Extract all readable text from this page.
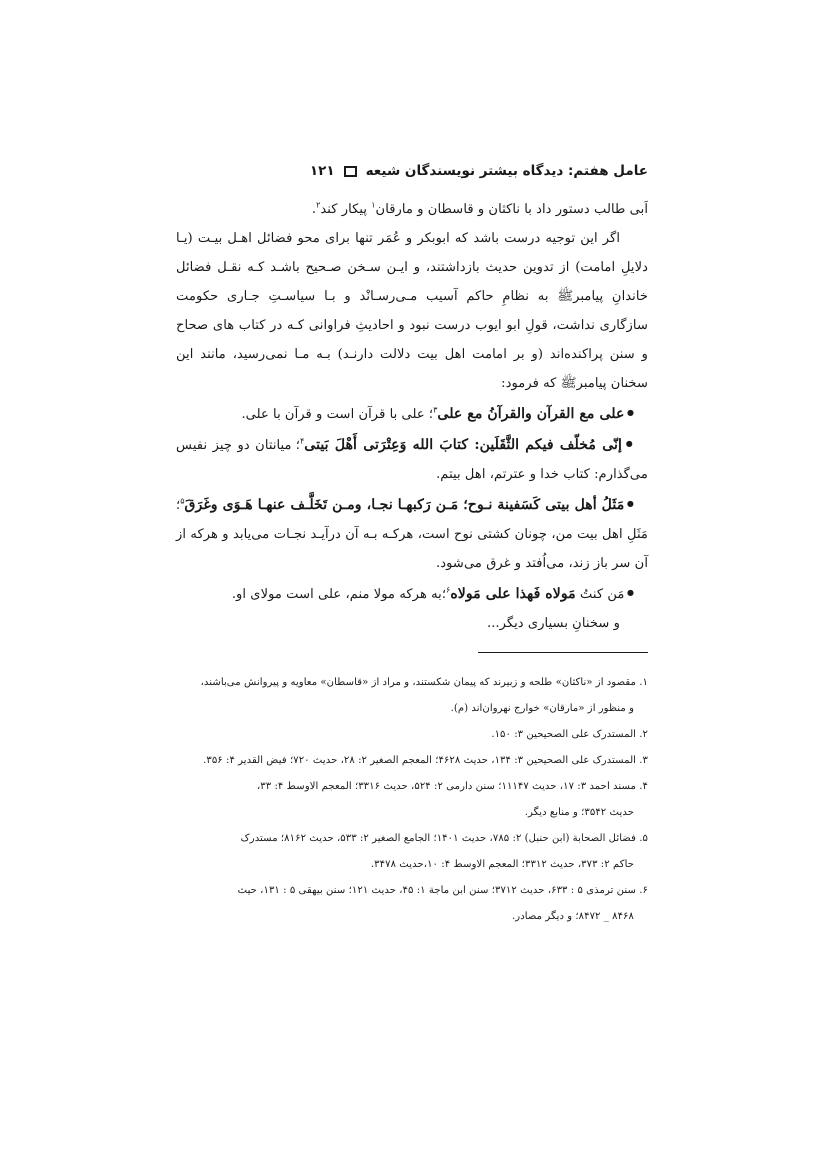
عامل هفتم: دیدگاه بیشتر نویسندگان شیعه
۱۲۱

اَبی طالب دستور داد با ناکثان و قاسطان و مارقان$^۱$ پیکار کند$^۲$.

اگر این توجیه درست باشد که ابوبکر و عُمَر تنها برای محو فضائل اهـل بیـت (یـا دلایلِ امامت) از تدوین حدیث بازداشتند، و ایـن سـخن صـحیح باشـد کـه نقـل فضائل خاندانِ پیامبرﷺ به نظامِ حاکم آسیب مـی‌رسـانْد و بـا سیاسـتِ جـاری حکومت سازگاری نداشت، قولِ ابو ایوب درست نبود و احادیثِ فراوانی کـه در کتاب های صحاح و سنن پراکنده‌اند (و بر امامت اهل بیت دلالت دارنـد) بـه مـا نمی‌رسید، مانند این سخنان پیامبرﷺ که فرمود:

● علی مع القرآن والقرآنُ مع علی$^۳$؛ علی با قرآن است و قرآن با علی.

● إنّی مُخلّف فیکم الثَّقَلَین: کتابَ الله وَعِتْرَتی أَهْلَ بَیتی$^۴$؛ میانتان دو چیز نفیس می‌گذارم: کتاب خدا و عترتم، اهل بیتم.

● مَثَلُ أهل بیتی کَسَفینة نـوح؛ مَـن رَکبهـا نجـا، ومـن تَخَلَّـف عنهـا هَـوَی وغَرَقَ$^۵$؛ مَثَلِ اهل بیت من، چونان کشتی نوح است، هرکـه بـه آن درآیـد نجـات می‌یابد و هرکه از آن سر باز زند، می‌اُفتد و غرق می‌شود.

● مَن کنتُ مَولاه فَهذا علی مَولاه$^۶$؛به هرکه مولا منم، علی است مولای او.

و سخنانِ بسیاری دیگر...

۱. مقصود از «ناکثان» طلحه و زبیرند که پیمان شکستند، و مراد از «قاسطان» معاویه و پیروانش می‌باشند،
و منظور از «مارقان» خوارج نهروان‌اند (م).

۲. المستدرک علی الصحیحین ۳: ۱۵۰.

۳. المستدرک علی الصحیحین ۳: ۱۳۴، حدیث ۴۶۲۸؛ المعجم الصغیر ۲: ۲۸، حدیث ۷۲۰؛ فیض القدیر ۴: ۳۵۶.

۴. مسند احمد ۳: ۱۷، حدیث ۱۱۱۴۷؛ سنن دارمی ۲: ۵۲۴، حدیث ۳۳۱۶؛ المعجم الاوسط ۴: ۳۳،
حدیث ۳۵۴۲؛ و منابع دیگر.

۵. فضائل الصحابة (ابن حنبل) ۲: ۷۸۵، حدیث ۱۴۰۱؛ الجامع الصغیر ۲: ۵۳۳، حدیث ۸۱۶۲؛ مستدرک
حاکم ۲: ۳۷۳، حدیث ۳۳۱۲؛ المعجم الاوسط ۴: ۱۰،حدیث ۳۴۷۸.

۶. سنن ترمذی ۵ : ۶۳۳، حدیث ۳۷۱۲؛ سنن ابن ماجة ۱: ۴۵، حدیث ۱۲۱؛ سنن بیهقی ۵ : ۱۳۱، حیث
۸۴۶۸ _ ۸۴۷۲؛ و دیگر مصادر.
